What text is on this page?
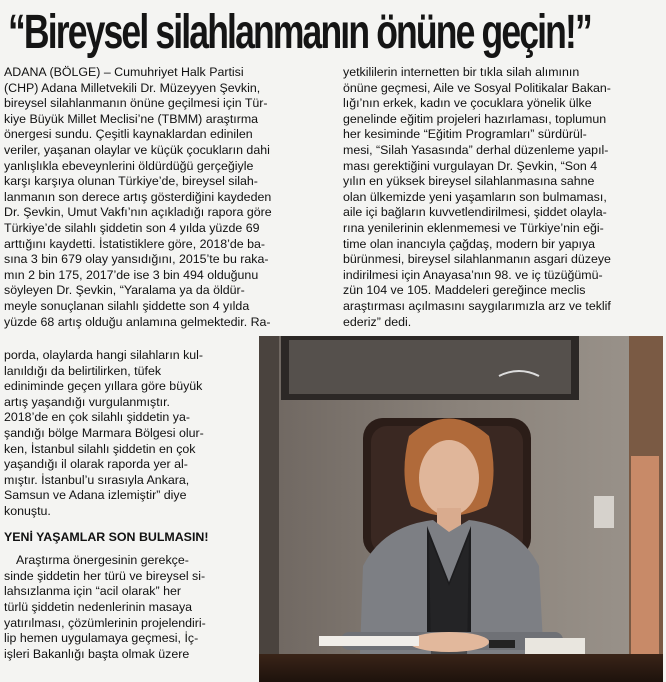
“Bireysel silahlanmanın önüne geçin!”

ADANA (BÖLGE) – Cumuhriyet Halk Partisi

(CHP) Adana Milletvekili Dr. Müzeyyen Şevkin,

bireysel silahlanmanın önüne geçilmesi için Tür-

kiye Büyük Millet Meclisi’ne (TBMM) araştırma

önergesi sundu. Çeşitli kaynaklardan edinilen

veriler, yaşanan olaylar ve küçük çocukların dahi

yanlışlıkla ebeveynlerini öldürdüğü gerçeğiyle

karşı karşıya olunan Türkiye’de, bireysel silah-

lanmanın son derece artış gösterdiğini kaydeden

Dr. Şevkin, Umut Vakfı’nın açıkladığı rapora göre

Türkiye’de silahlı şiddetin son 4 yılda yüzde 69

arttığını kaydetti. İstatistiklere göre, 2018’de ba-

sına 3 bin 679 olay yansıdığını, 2015’te bu raka-

mın 2 bin 175, 2017’de ise 3 bin 494 olduğunu

söyleyen Dr. Şevkin, “Yaralama ya da öldür-

meyle sonuçlanan silahlı şiddette son 4 yılda

yüzde 68 artış olduğu anlamına gelmektedir. Ra-

porda, olaylarda hangi silahların kul-

lanıldığı da belirtilirken, tüfek

ediniminde geçen yıllara göre büyük

artış yaşandığı vurgulanmıştır.

2018’de en çok silahlı şiddetin ya-

şandığı bölge Marmara Bölgesi olur-

ken, İstanbul silahlı şiddetin en çok

yaşandığı il olarak raporda yer al-

mıştır. İstanbul’u sırasıyla Ankara,

Samsun ve Adana izlemiştir” diye

konuştu.

YENİ YAŞAMLAR SON BULMASIN!

Araştırma önergesinin gerekçe-

sinde şiddetin her türü ve bireysel si-

lahsızlanma için “acil olarak” her

türlü şiddetin nedenlerinin masaya

yatırılması, çözümlerinin projelendiri-

lip hemen uygulamaya geçmesi, İç-

işleri Bakanlığı başta olmak üzere

yetkililerin internetten bir tıkla silah alımının

önüne geçmesi, Aile ve Sosyal Politikalar Bakan-

lığı’nın erkek, kadın ve çocuklara yönelik ülke

genelinde eğitim projeleri hazırlaması, toplumun

her kesiminde “Eğitim Programları” sürdürül-

mesi, “Silah Yasasında” derhal düzenleme yapıl-

ması gerektiğini vurgulayan Dr. Şevkin, “Son 4

yılın en yüksek bireysel silahlanmasına sahne

olan ülkemizde yeni yaşamların son bulmaması,

aile içi bağların kuvvetlendirilmesi, şiddet olayla-

rına yenilerinin eklenmemesi ve Türkiye’nin eği-

time olan inancıyla çağdaş, modern bir yapıya

bürünmesi, bireysel silahlanmanın asgari düzeye

indirilmesi için Anayasa’nın 98. ve iç tüzüğümü-

zün 104 ve 105. Maddeleri gereğince meclis

araştırması açılmasını saygılarımızla arz ve teklif

ederiz” dedi.
